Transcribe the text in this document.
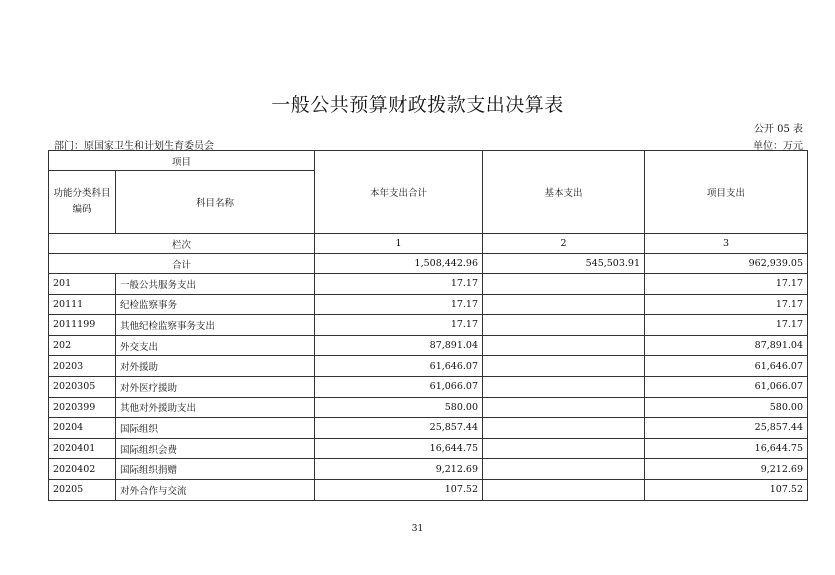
一般公共预算财政拨款支出决算表
公开 05 表
部门：原国家卫生和计划生育委员会	单位：万元
项目		本年支出合计	基本支出	项目支出
功能分类科目编码	科目名称			
栏次		1	2	3
合计		1,508,442.96	545,503.91	962,939.05
201	一般公共服务支出	17.17		17.17
20111	纪检监察事务	17.17		17.17
2011199	其他纪检监察事务支出	17.17		17.17
202	外交支出	87,891.04		87,891.04
20203	对外援助	61,646.07		61,646.07
2020305	对外医疗援助	61,066.07		61,066.07
2020399	其他对外援助支出	580.00		580.00
20204	国际组织	25,857.44		25,857.44
2020401	国际组织会费	16,644.75		16,644.75
2020402	国际组织捐赠	9,212.69		9,212.69
20205	对外合作与交流	107.52		107.52
31
